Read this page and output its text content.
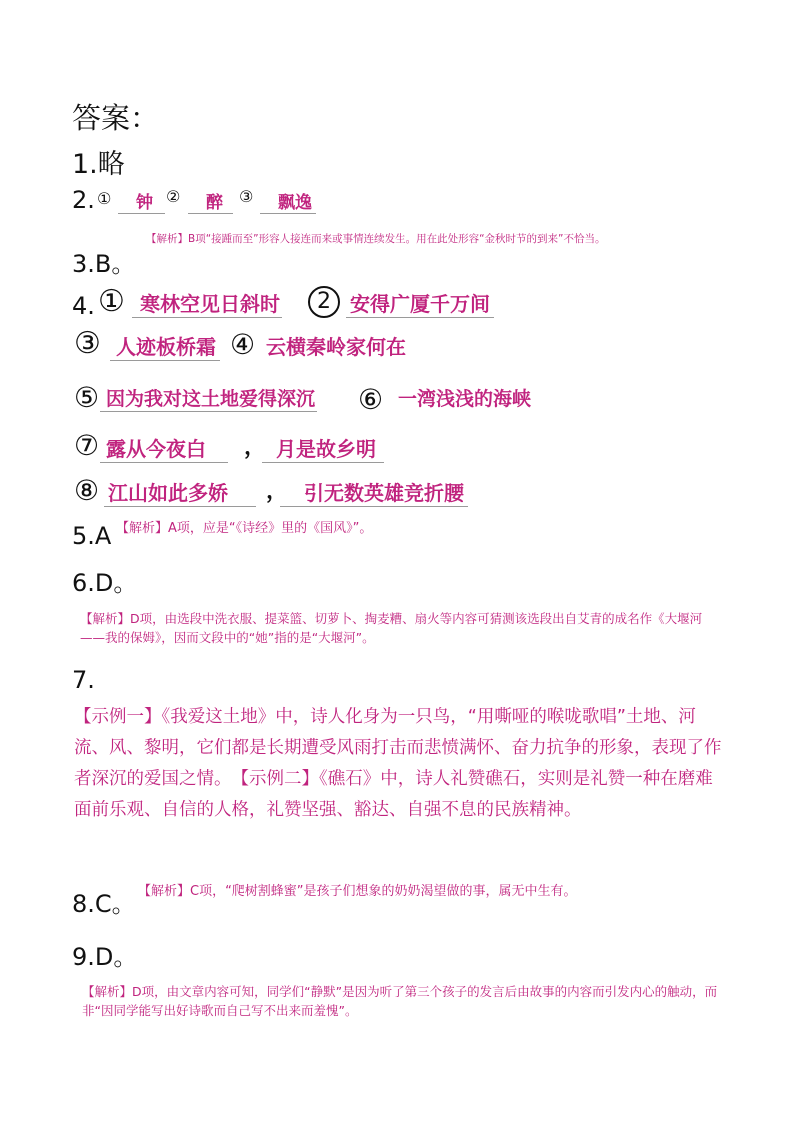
答案：
1.略
2. ①	钟 ②	醉	③	飘逸
3.B。
【解析】B项“接踵而至”形容人接连而来或事情连续发生。用在此处形容“金秋时节的到来”不恰当。
4. ① 寒林空见日斜时	2 安得广厦千万间
③ 人迹板桥霜 ④ 云横秦岭家何在
⑤ 因为我对这土地爱得深沉 ⑥ 一湾浅浅的海峡
⑦ 露从今夜白	， 月是故乡明
⑧ 江山如此多娇	， 引无数英雄竞折腰
5.A 【解析】A项，应是“《诗经》里的《国风》”。
6.D。
【解析】D项，由选段中洗衣服、提菜篮、切萝卜、掏麦糟、扇火等内容可猜测该选段出自艾青的成名作《大堰河——我的保姆》，因而文段中的“她”指的是“大堰河”。
7.
【示例一】《我爱这土地》中，诗人化身为一只鸟，“用嘶哑的喉咙歌唱”土地、河流、风、黎明，它们都是长期遭受风雨打击而悲愤满怀、奋力抗争的形象，表现了作者深沉的爱国之情。　【示例二】《礁石》中，诗人礼赞礁石，实则是礼赞一种在磨难面前乐观、自信的人格，礼赞坚强、豁达、自强不息的民族精神。
8.C。 【解析】C项，“爬树割蜂蜜”是孩子们想象的奶奶渴望做的事，属无中生有。
9.D。
【解析】D项，由文章内容可知，同学们“静默”是因为听了第三个孩子的发言后由故事的内容而引发内心的触动，而非“因同学能写出好诗歌而自己写不出来而羞愧”。
